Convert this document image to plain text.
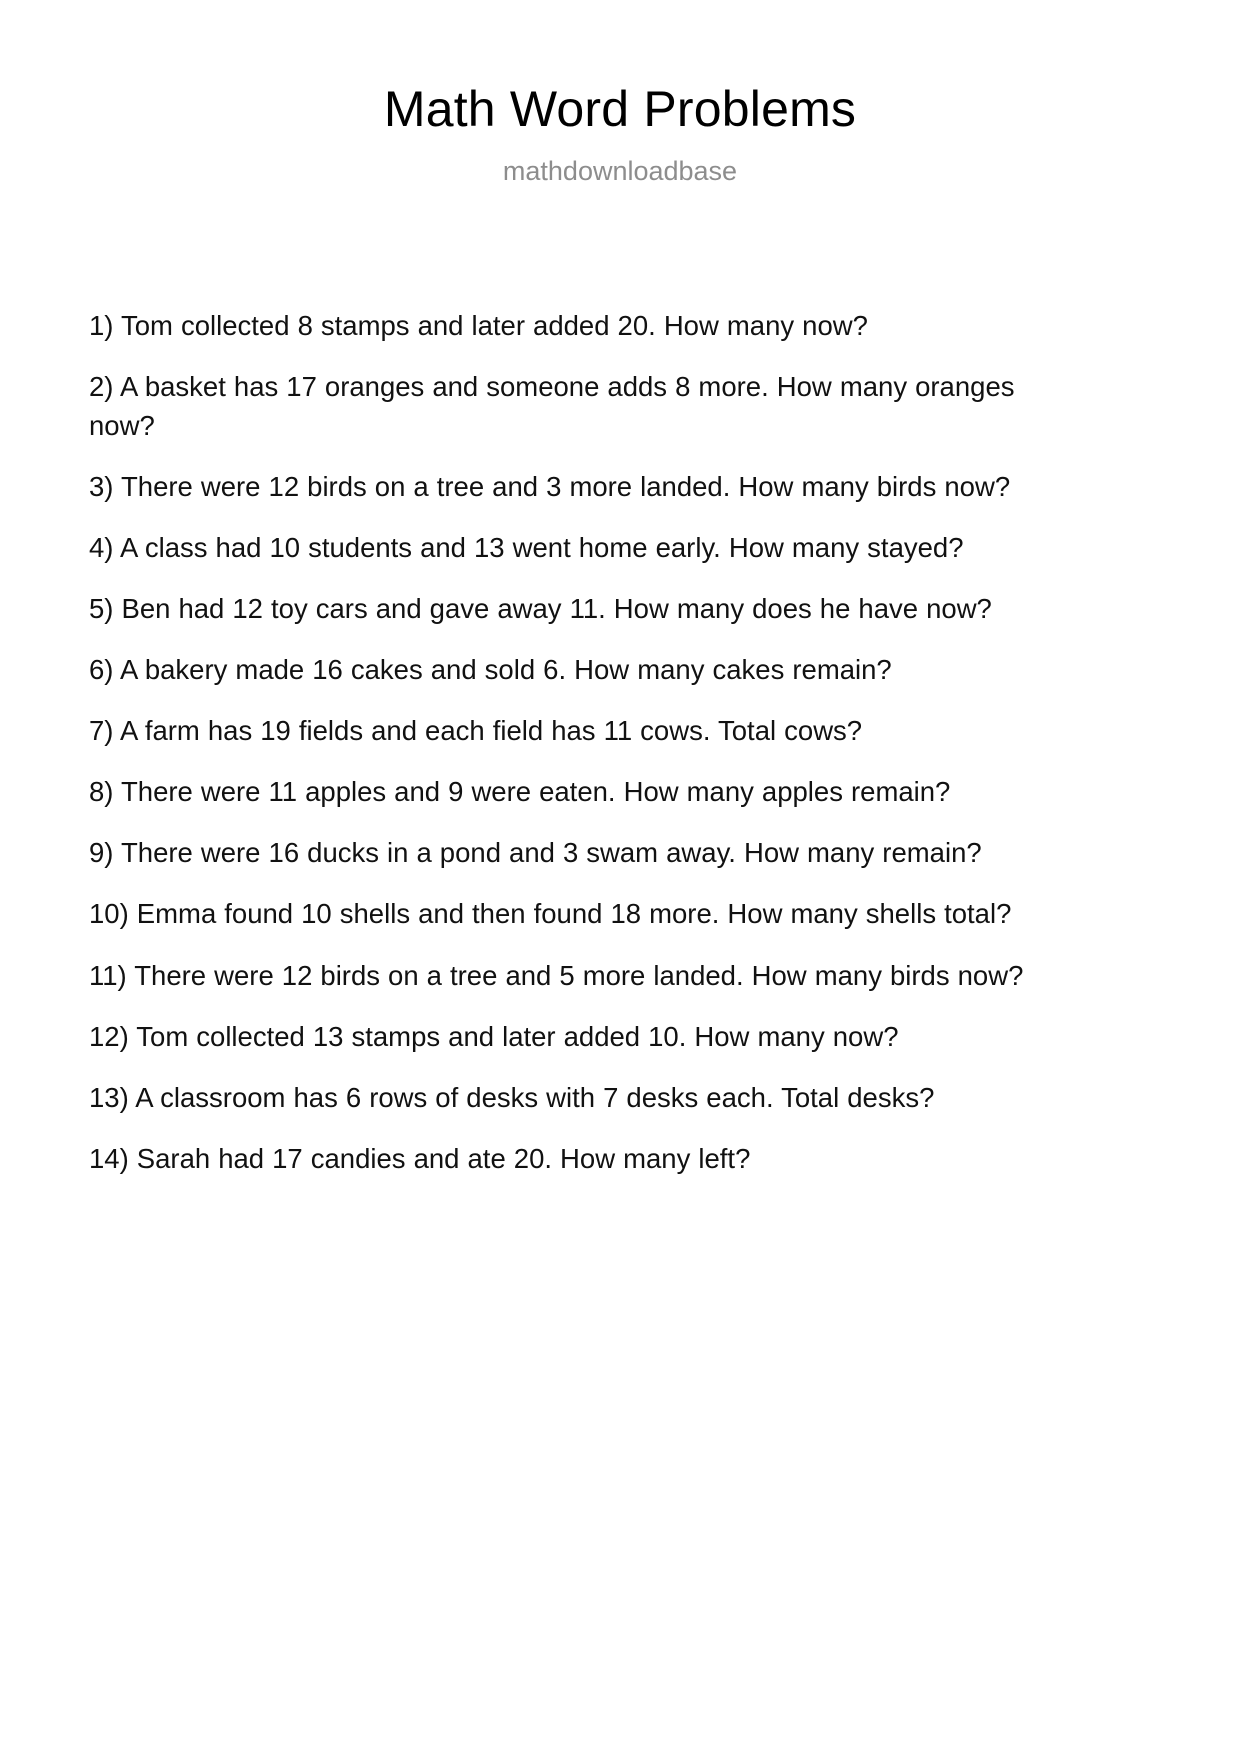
Math Word Problems

mathdownloadbase

1) Tom collected 8 stamps and later added 20. How many now?
2) A basket has 17 oranges and someone adds 8 more. How many oranges now?
3) There were 12 birds on a tree and 3 more landed. How many birds now?
4) A class had 10 students and 13 went home early. How many stayed?
5) Ben had 12 toy cars and gave away 11. How many does he have now?
6) A bakery made 16 cakes and sold 6. How many cakes remain?
7) A farm has 19 fields and each field has 11 cows. Total cows?
8) There were 11 apples and 9 were eaten. How many apples remain?
9) There were 16 ducks in a pond and 3 swam away. How many remain?
10) Emma found 10 shells and then found 18 more. How many shells total?
11) There were 12 birds on a tree and 5 more landed. How many birds now?
12) Tom collected 13 stamps and later added 10. How many now?
13) A classroom has 6 rows of desks with 7 desks each. Total desks?
14) Sarah had 17 candies and ate 20. How many left?
